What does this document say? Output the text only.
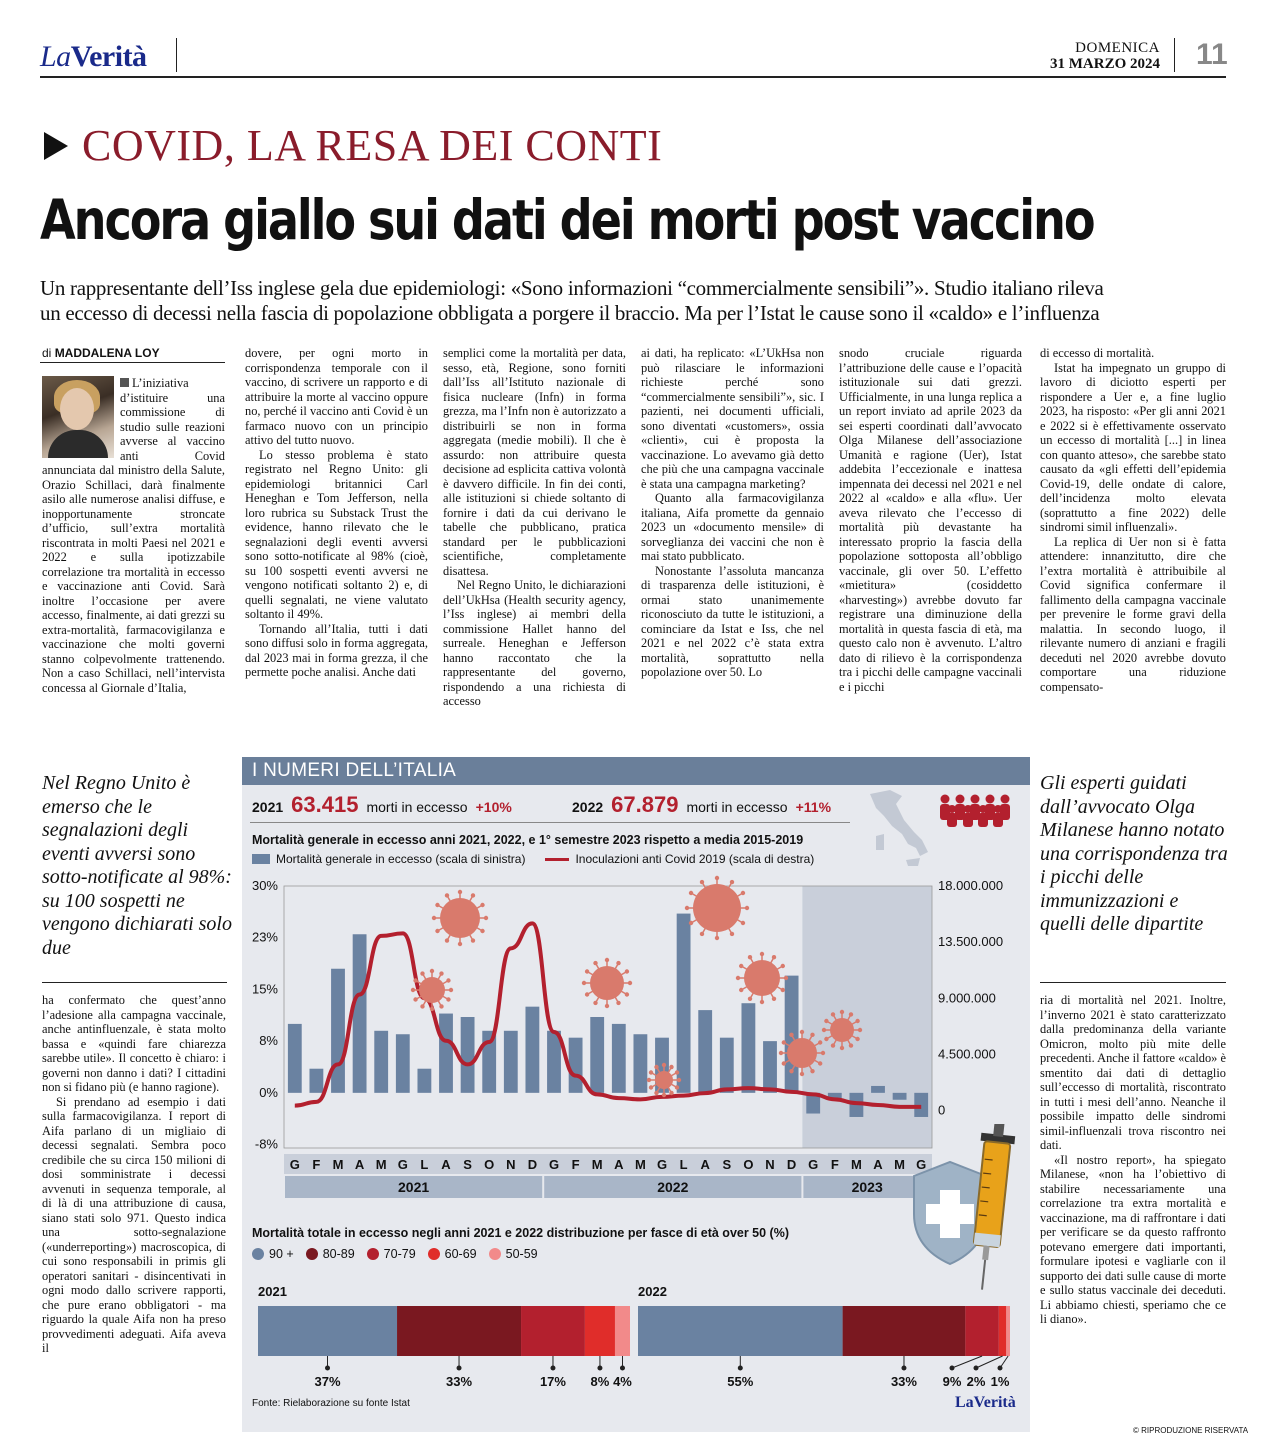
LaVerità	DOMENICA
31 MARZO 2024 11
COVID, LA RESA DEI CONTI
Ancora giallo sui dati dei morti post vaccino
Un rappresentante dell’Iss inglese gela due epidemiologi: «Sono informazioni “commercialmente sensibili”». Studio italiano rileva
un eccesso di decessi nella fascia di popolazione obbligata a porgere il braccio. Ma per l’Istat le cause sono il «caldo» e l’influenza
di MADDALENA LOY

L’iniziativa d’istituire una commissione di studio sulle reazioni avverse al vaccino anti Covid annunciata dal ministro della Salute, Orazio Schillaci, darà finalmente asilo alle numerose analisi diffuse, e inopportunamente stroncate d’ufficio, sull’extra mortalità riscontrata in molti Paesi nel 2021 e 2022 e sulla ipotizzabile correlazione tra mortalità in eccesso e vaccinazione anti Covid. Sarà inoltre l’occasione per avere accesso, finalmente, ai dati grezzi su extra-mortalità, farmacovigilanza e vaccinazione che molti governi stanno colpevolmente trattenendo. Non a caso Schillaci, nell’intervista concessa al Giornale d’Italia,

dovere, per ogni morto in corrispondenza temporale con il vaccino, di scrivere un rapporto e di attribuire la morte al vaccino oppure no, perché il vaccino anti Covid è un farmaco nuovo con un principio attivo del tutto nuovo.

Lo stesso problema è stato registrato nel Regno Unito: gli epidemiologi britannici Carl Heneghan e Tom Jefferson, nella loro rubrica su Substack Trust the evidence, hanno rilevato che le segnalazioni degli eventi avversi sono sotto-notificate al 98% (cioè, su 100 sospetti eventi avversi ne vengono notificati soltanto 2) e, di quelli segnalati, ne viene valutato soltanto il 49%.

Tornando all’Italia, tutti i dati sono diffusi solo in forma aggregata, dal 2023 mai in forma grezza, il che permette poche analisi. Anche dati

semplici come la mortalità per data, sesso, età, Regione, sono forniti dall’Iss all’Istituto nazionale di fisica nucleare (Infn) in forma grezza, ma l’Infn non è autorizzato a distribuirli se non in forma aggregata (medie mobili). Il che è assurdo: non attribuire questa decisione ad esplicita cattiva volontà è davvero difficile. In fin dei conti, alle istituzioni si chiede soltanto di fornire i dati da cui derivano le tabelle che pubblicano, pratica standard per le pubblicazioni scientifiche, completamente disattesa.

Nel Regno Unito, le dichiarazioni dell’UkHsa (Health security agency, l’Iss inglese) ai membri della commissione Hallet hanno del surreale. Heneghan e Jefferson hanno raccontato che la rappresentante del governo, rispondendo a una richiesta di accesso

ai dati, ha replicato: «L’UkHsa non può rilasciare le informazioni richieste perché sono “commercialmente sensibili”», sic. I pazienti, nei documenti ufficiali, sono diventati «customers», ossia «clienti», cui è proposta la vaccinazione. Lo avevamo già detto che più che una campagna vaccinale è stata una campagna marketing?

Quanto alla farmacovigilanza italiana, Aifa promette da gennaio 2023 un «documento mensile» di sorveglianza dei vaccini che non è mai stato pubblicato.

Nonostante l’assoluta mancanza di trasparenza delle istituzioni, è ormai stato unanimemente riconosciuto da tutte le istituzioni, a cominciare da Istat e Iss, che nel 2021 e nel 2022 c’è stata extra mortalità, soprattutto nella popolazione over 50. Lo

snodo cruciale riguarda l’attribuzione delle cause e l’opacità istituzionale sui dati grezzi. Ufficialmente, in una lunga replica a un report inviato ad aprile 2023 da sei esperti coordinati dall’avvocato Olga Milanese dell’associazione Umanità e ragione (Uer), Istat addebita l’eccezionale e inattesa impennata dei decessi nel 2021 e nel 2022 al «caldo» e alla «flu». Uer aveva rilevato che l’eccesso di mortalità più devastante ha interessato proprio la fascia della popolazione sottoposta all’obbligo vaccinale, gli over 50. L’effetto «mietitura» (cosiddetto «harvesting») avrebbe dovuto far registrare una diminuzione della mortalità in questa fascia di età, ma questo calo non è avvenuto. L’altro dato di rilievo è la corrispondenza tra i picchi delle campagne vaccinali e i picchi

di eccesso di mortalità.

Istat ha impegnato un gruppo di lavoro di diciotto esperti per rispondere a Uer e, a fine luglio 2023, ha risposto: «Per gli anni 2021 e 2022 si è effettivamente osservato un eccesso di mortalità [...] in linea con quanto atteso», che sarebbe stato causato da «gli effetti dell’epidemia Covid-19, delle ondate di calore, dell’incidenza molto elevata (soprattutto a fine 2022) delle sindromi simil influenzali».

La replica di Uer non si è fatta attendere: innanzitutto, dire che l’extra mortalità è attribuibile al Covid significa confermare il fallimento della campagna vaccinale per prevenire le forme gravi della malattia. In secondo luogo, il rilevante numero di anziani e fragili deceduti nel 2020 avrebbe dovuto comportare una riduzione compensato-

Nel Regno Unito è emerso che le segnalazioni degli eventi avversi sono sotto-notificate al 98%: su 100 sospetti ne vengono dichiarati solo due
Gli esperti guidati dall’avvocato Olga Milanese hanno notato una corrispondenza tra i picchi delle immunizzazioni e quelli delle dipartite

ha confermato che quest’anno l’adesione alla campagna vaccinale, anche antinfluenzale, è stata molto bassa e «quindi fare chiarezza sarebbe utile». Il concetto è chiaro: i governi non danno i dati? I cittadini non si fidano più (e hanno ragione).

Si prendano ad esempio i dati sulla farmacovigilanza. I report di Aifa parlano di un migliaio di decessi segnalati. Sembra poco credibile che su circa 150 milioni di dosi somministrate i decessi avvenuti in sequenza temporale, al di là di una attribuzione di causa, siano stati solo 971. Questo indica una sotto-segnalazione («underreporting») macroscopica, di cui sono responsabili in primis gli operatori sanitari - disincentivati in ogni modo dallo scrivere rapporti, che pure erano obbligatori - ma riguardo la quale Aifa non ha preso provvedimenti adeguati. Aifa aveva il

ria di mortalità nel 2021. Inoltre, l’inverno 2021 è stato caratterizzato dalla predominanza della variante Omicron, molto più mite delle precedenti. Anche il fattore «caldo» è smentito dai dati di dettaglio sull’eccesso di mortalità, riscontrato in tutti i mesi dell’anno. Neanche il possibile impatto delle sindromi simil-influenzali trova riscontro nei dati.

«Il nostro report», ha spiegato Milanese, «non ha l’obiettivo di stabilire necessariamente una correlazione tra extra mortalità e vaccinazione, ma di raffrontare i dati per verificare se da questo raffronto potevano emergere dati importanti, formulare ipotesi e vagliarle con il supporto dei dati sulle cause di morte e sullo status vaccinale dei deceduti. Li abbiamo chiesti, speriamo che ce li diano».

© RIPRODUZIONE RISERVATA
I NUMERI DELL’ITALIA
2021 63.415 morti in eccesso +10%	2022 67.879 morti in eccesso +11%
Mortalità generale in eccesso anni 2021, 2022, e 1° semestre 2023 rispetto a media 2015-2019
Mortalità generale in eccesso (scala di sinistra)	Inoculazioni anti Covid 2019 (scala di destra)
30%
23%
15%
8%
0%
-8%
18.000.000
13.500.000
9.000.000
4.500.000
0
G F M A M G L A S O N D G F M A M G L A S O N D G F M A M G
2021	2022	2023
Mortalità totale in eccesso negli anni 2021 e 2022 distribuzione per fasce di età over 50 (%)
90 + 80-89 70-79 60-69 50-59
2021
37%	33%	17% 8% 4%
2022
55%	33% 9% 2% 1%
Fonte: Rielaborazione su fonte Istat	LaVerità
